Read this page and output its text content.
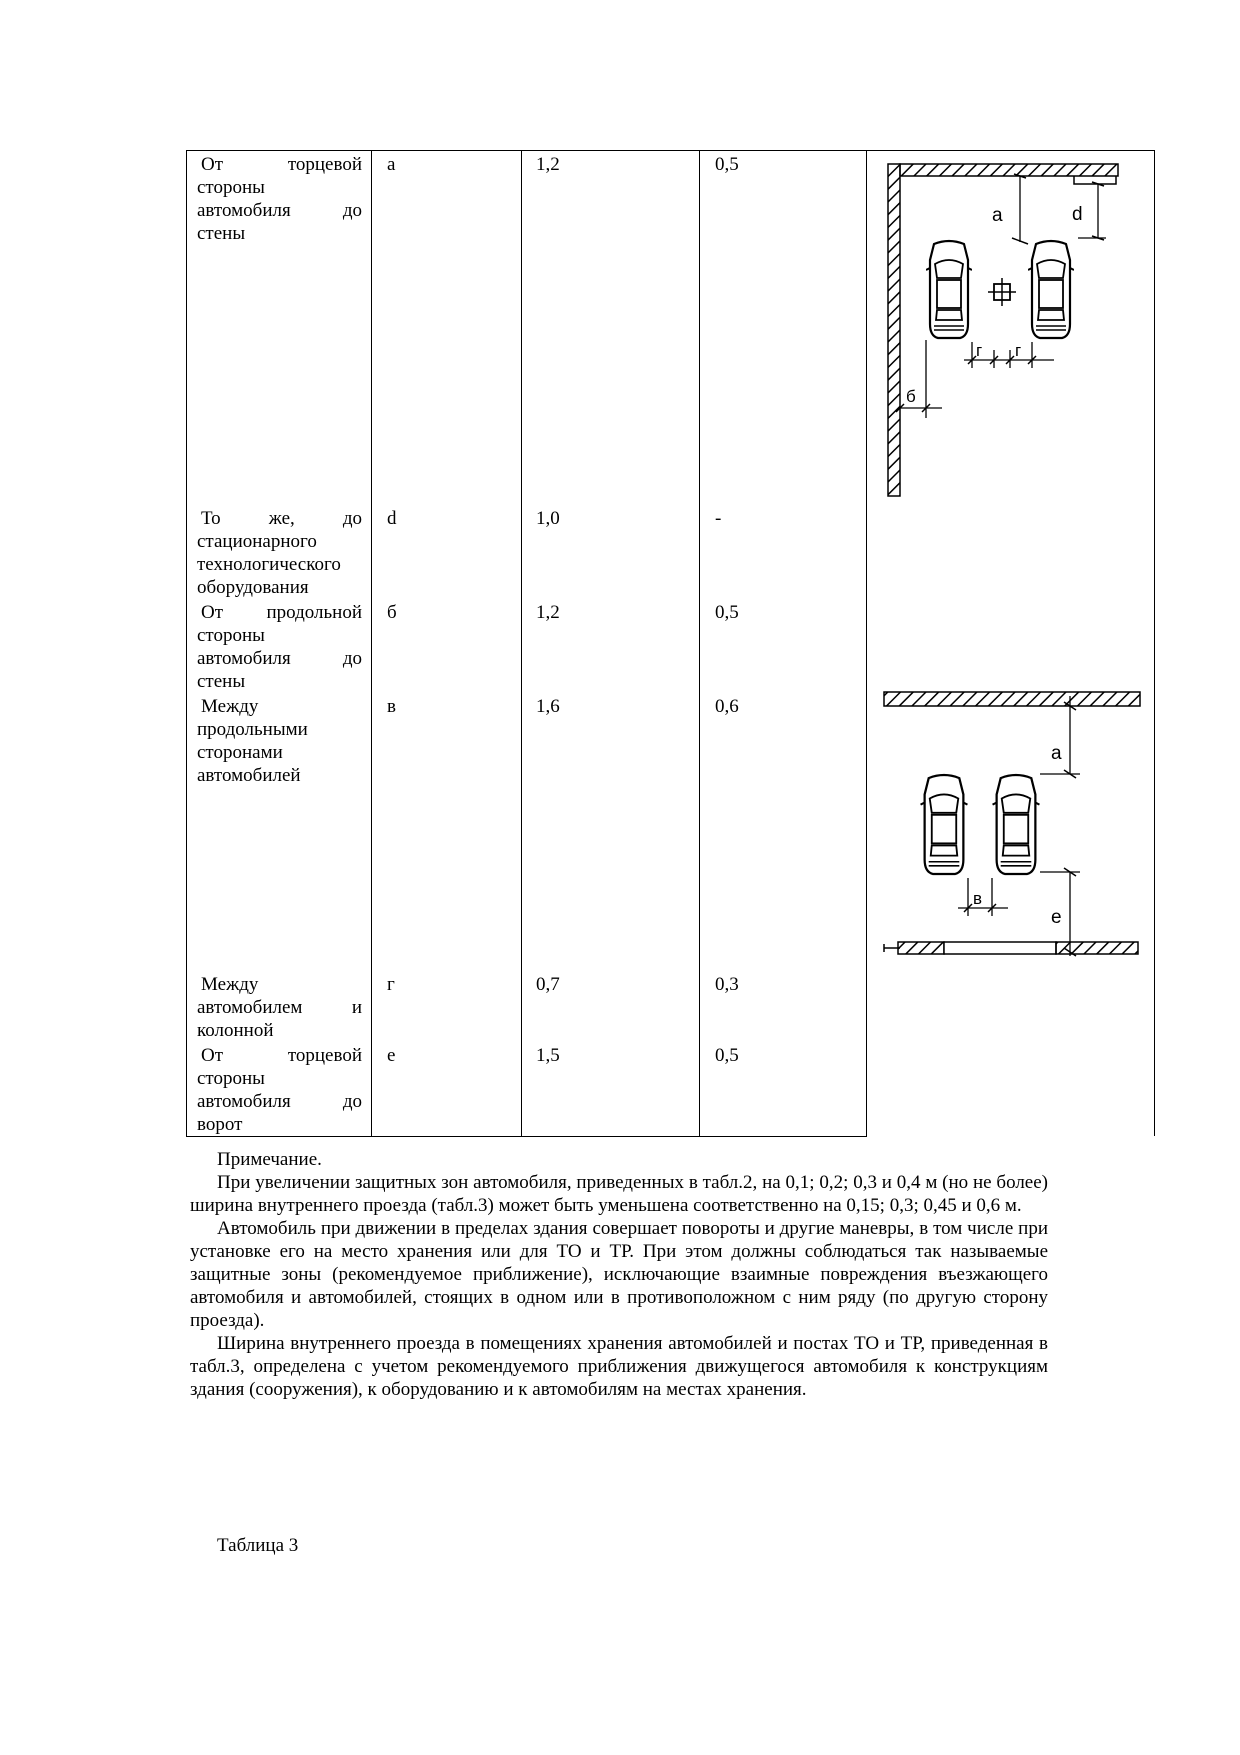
От торцевой стороны автомобиля до стены	а	1,2	0,5	
То же, до стационарного технологического оборудования	d	1,0	-	
От продольной стороны автомобиля до стены	б	1,2	0,5	
Между продольными сторонами автомобилей	в	1,6	0,6	
Между автомобилем и колонной	г	0,7	0,3	
От торцевой стороны автомобиля до ворот	е	1,5	0,5	
a	d
г г
б
a
e
в

Примечание.

При увеличении защитных зон автомобиля, приведенных в табл.2, на 0,1; 0,2; 0,3 и 0,4 м (но не более) ширина внутреннего проезда (табл.3) может быть уменьшена соответственно на 0,15; 0,3; 0,45 и 0,6 м.

Автомобиль при движении в пределах здания совершает повороты и другие маневры, в том числе при установке его на место хранения или для ТО и ТР. При этом должны соблюдаться так называемые защитные зоны (рекомендуемое приближение), исключающие взаимные повреждения въезжающего автомобиля и автомобилей, стоящих в одном или в противоположном с ним ряду (по другую сторону проезда).

Ширина внутреннего проезда в помещениях хранения автомобилей и постах ТО и ТР, приведенная в табл.3, определена с учетом рекомендуемого приближения движущегося автомобиля к конструкциям здания (сооружения), к оборудованию и к автомобилям на местах хранения.

Таблица 3
